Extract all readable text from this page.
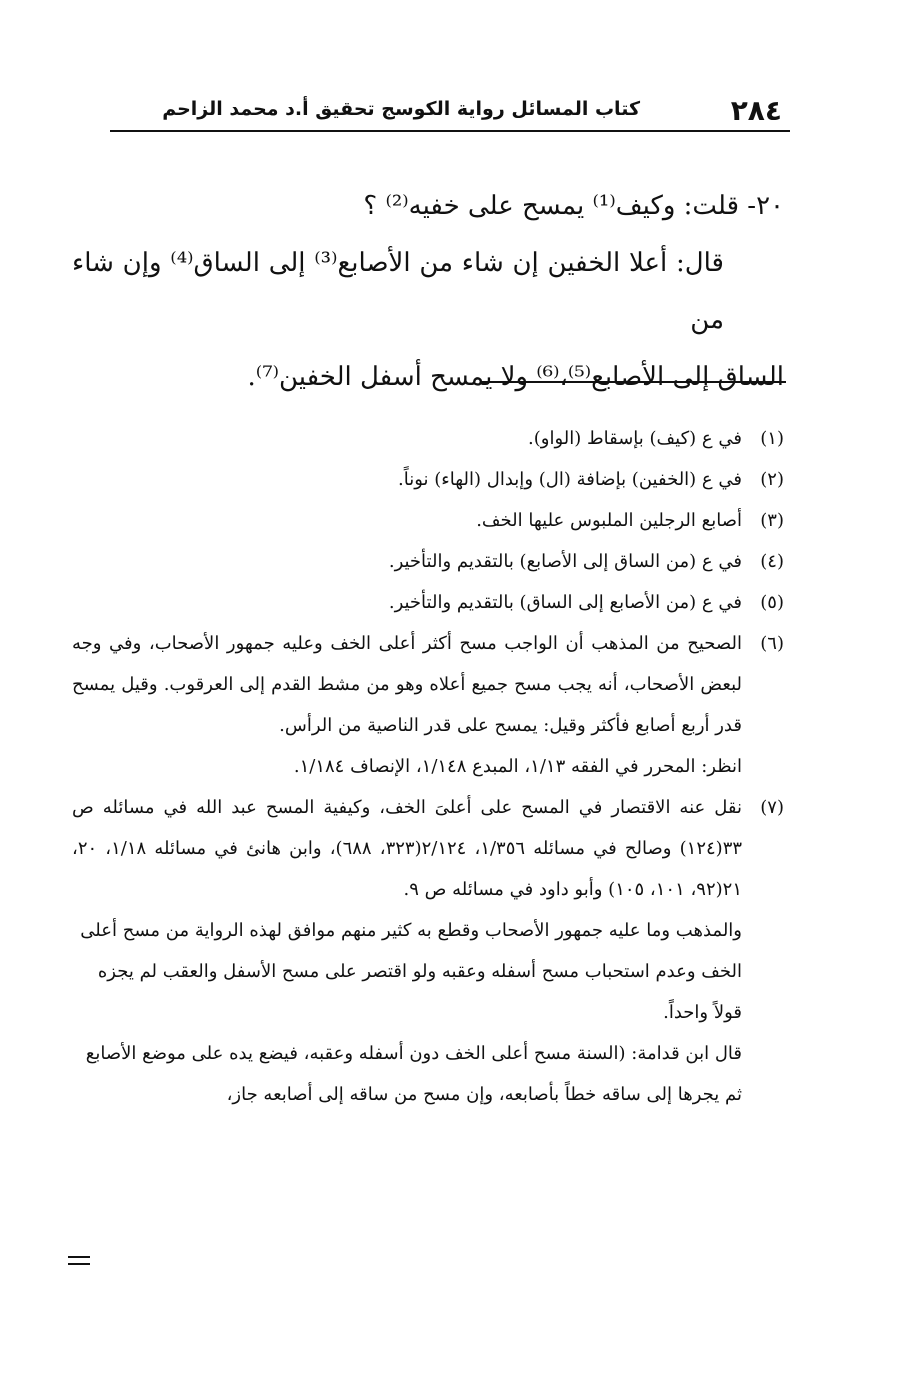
٢٨٤
كتاب المسائل رواية الكوسج تحقيق أ.د محمد الزاحم

٢٠- قلت: وكيف⁽¹⁾ يمسح على خفيه⁽²⁾ ؟

قال: أعلا الخفين إن شاء من الأصابع⁽³⁾ إلى الساق⁽⁴⁾ وإن شاء من

الساق إلى الأصابع⁽⁵⁾،⁽⁶⁾ ولا يمسح أسفل الخفين⁽⁷⁾.

(١)
في ع (كيف) بإسقاط (الواو).
(٢)
في ع (الخفين) بإضافة (ال) وإبدال (الهاء) نوناً.
(٣)
أصابع الرجلين الملبوس عليها الخف.
(٤)
في ع (من الساق إلى الأصابع) بالتقديم والتأخير.
(٥)
في ع (من الأصابع إلى الساق) بالتقديم والتأخير.
(٦)
الصحيح من المذهب أن الواجب مسح أكثر أعلى الخف وعليه جمهور الأصحاب، وفي وجه لبعض الأصحاب، أنه يجب مسح جميع أعلاه وهو من مشط القدم إلى العرقوب. وقيل يمسح قدر أربع أصابع فأكثر وقيل: يمسح على قدر الناصية من الرأس.
انظر: المحرر في الفقه ١/١٣، المبدع ١/١٤٨، الإنصاف ١/١٨٤.
(٧)
نقل عنه الاقتصار في المسح على أعلىَ الخف، وكيفية المسح عبد الله في مسائله ص ٣٣(١٢٤) وصالح في مسائله ١/٣٥٦، ٢/١٢٤(٣٢٣، ٦٨٨)، وابن هانئ في مسائله ١/١٨، ٢٠، ٢١(٩٢، ١٠١، ١٠٥) وأبو داود في مسائله ص ٩.
والمذهب وما عليه جمهور الأصحاب وقطع به كثير منهم موافق لهذه الرواية من مسح أعلى الخف وعدم استحباب مسح أسفله وعقبه ولو اقتصر على مسح الأسفل والعقب لم يجزه قولاً واحداً.
قال ابن قدامة: (السنة مسح أعلى الخف دون أسفله وعقبه، فيضع يده على موضع الأصابع ثم يجرها إلى ساقه خطاً بأصابعه، وإن مسح من ساقه إلى أصابعه جاز،
